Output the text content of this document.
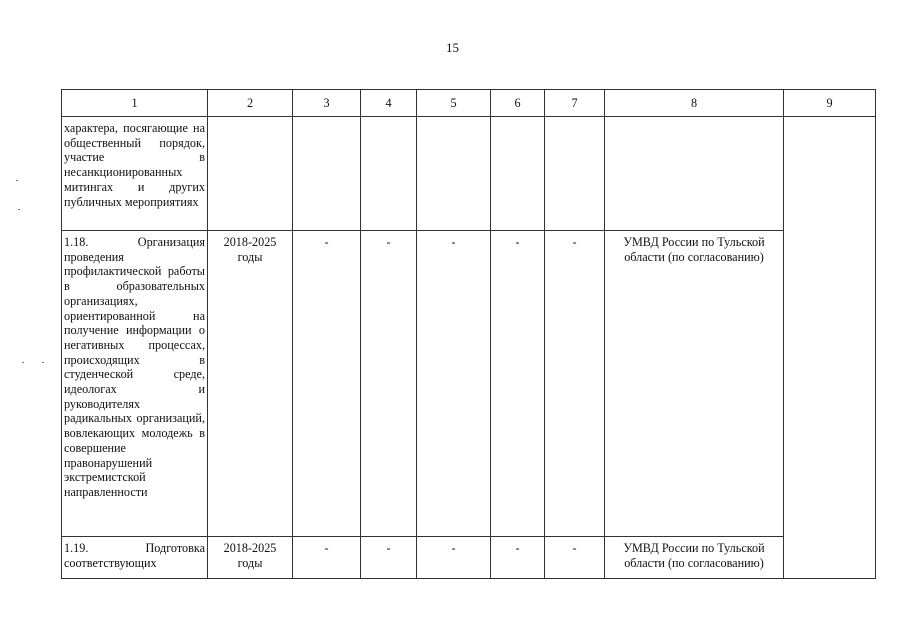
15
1	2	3	4	5	6	7	8	9

характера, посягающие на общественный порядок, участие в несанкционированных митингах и других публичных мероприятиях								

1.18. Организация проведения профилактической работы в образовательных организациях, ориентированной на получение информации о негативных процессах, происходящих в студенческой среде, идеологах и руководителях радикальных организаций, вовлекающих молодежь в совершение правонарушений экстремистской направленности	2018-2025 годы	-	-	-	-	-	УМВД России по Тульской области (по согласованию)	

1.19. Подготовка соответствующих	2018-2025 годы	-	-	-	-	-	УМВД России по Тульской области (по согласованию)	
